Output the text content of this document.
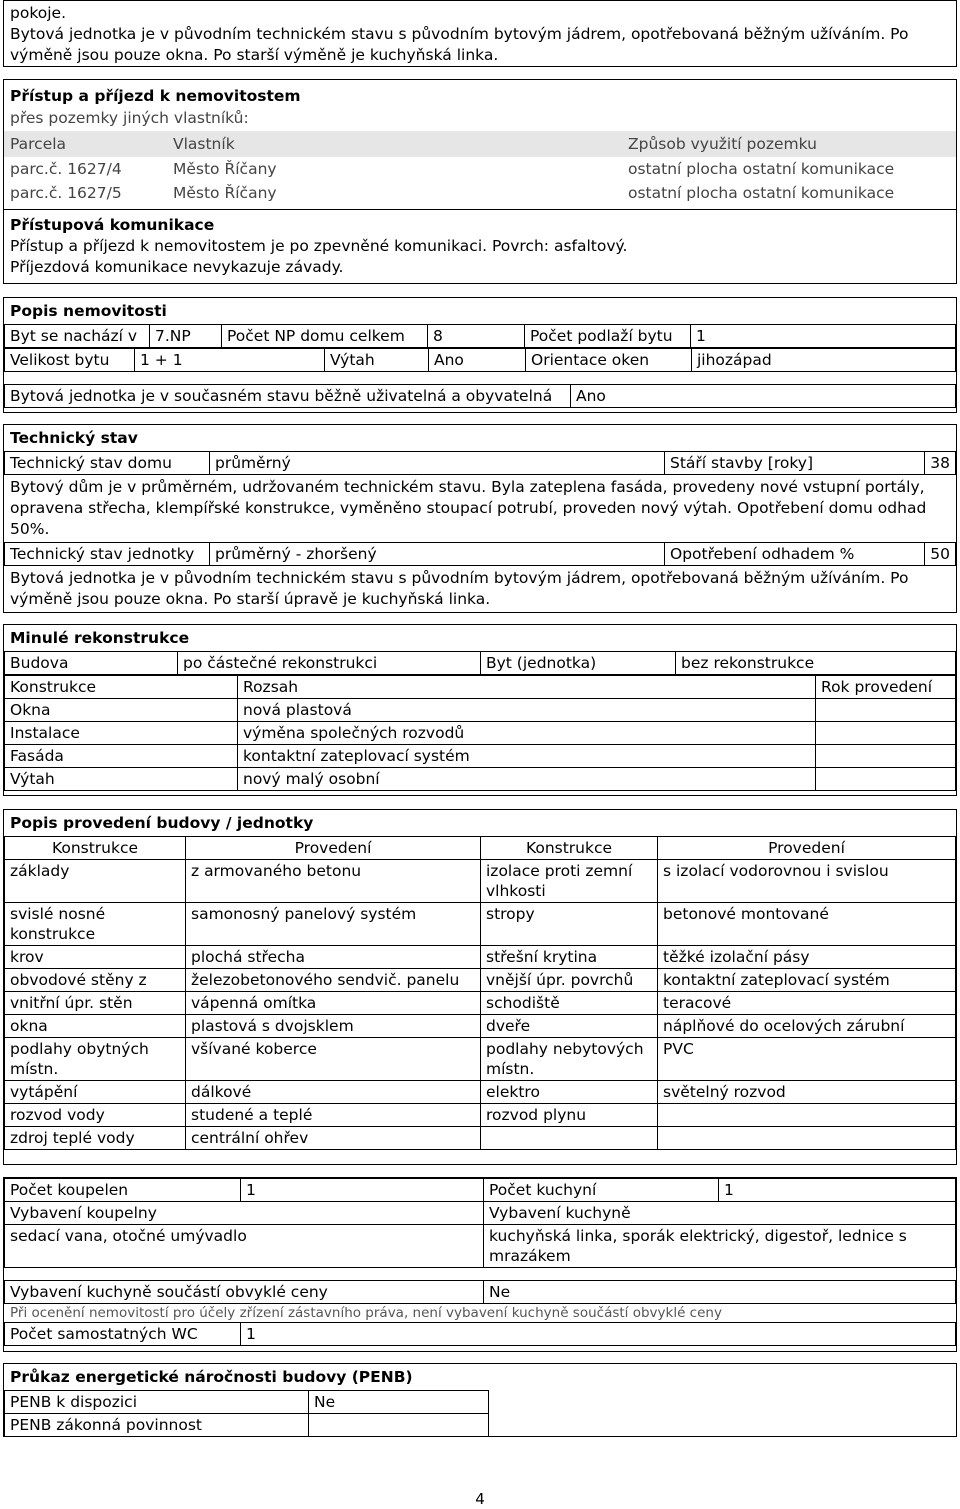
pokoje.
Bytová jednotka je v původním technickém stavu s původním bytovým jádrem, opotřebovaná běžným užíváním. Po výměně jsou pouze okna. Po starší výměně je kuchyňská linka.
Přístup a příjezd k nemovitostem
přes pozemky jiných vlastníků:
Parcela	Vlastník	Způsob využití pozemku
parc.č. 1627/4	Město Říčany	ostatní plocha ostatní komunikace
parc.č. 1627/5	Město Říčany	ostatní plocha ostatní komunikace
Přístupová komunikace
Přístup a příjezd k nemovitostem je po zpevněné komunikaci. Povrch: asfaltový. Příjezdová komunikace nevykazuje závady.
Popis nemovitosti
Byt se nachází v	7.NP	Počet NP domu celkem	8	Počet podlaží bytu	1
Velikost bytu	1 + 1	Výtah	Ano	Orientace oken	jihozápad
Bytová jednotka je v současném stavu běžně uživatelná a obyvatelná	Ano
Technický stav
Technický stav domu	průměrný	Stáří stavby [roky]	38
Bytový dům je v průměrném, udržovaném technickém stavu. Byla zateplena fasáda, provedeny nové vstupní portály, opravena střecha, klempířské konstrukce, vyměněno stoupací potrubí, proveden nový výtah. Opotřebení domu odhad 50%.
Technický stav jednotky	průměrný - zhoršený	Opotřebení odhadem %	50
Bytová jednotka je v původním technickém stavu s původním bytovým jádrem, opotřebovaná běžným užíváním. Po výměně jsou pouze okna. Po starší úpravě je kuchyňská linka.
Minulé rekonstrukce
Budova	po částečné rekonstrukci	Byt (jednotka)	bez rekonstrukce
Konstrukce	Rozsah	Rok provedení
Okna	nová plastová	
Instalace	výměna společných rozvodů	
Fasáda	kontaktní zateplovací systém	
Výtah	nový malý osobní	
Popis provedení budovy / jednotky
Konstrukce	Provedení	Konstrukce	Provedení
základy	z armovaného betonu	izolace proti zemní vlhkosti	s izolací vodorovnou i svislou
svislé nosné konstrukce	samonosný panelový systém	stropy	betonové montované
krov	plochá střecha	střešní krytina	těžké izolační pásy
obvodové stěny z	železobetonového sendvič. panelu	vnější úpr. povrchů	kontaktní zateplovací systém
vnitřní úpr. stěn	vápenná omítka	schodiště	teracové
okna	plastová s dvojsklem	dveře	náplňové do ocelových zárubní
podlahy obytných místn.	všívané koberce	podlahy nebytových místn.	PVC
vytápění	dálkové	elektro	světelný rozvod
rozvod vody	studené a teplé	rozvod plynu	
zdroj teplé vody	centrální ohřev		
Počet koupelen	1	Počet kuchyní	1
Vybavení koupelny		Vybavení kuchyně	
sedací vana, otočné umývadlo		kuchyňská linka, sporák elektrický, digestoř, lednice s mrazákem	
Vybavení kuchyně součástí obvyklé ceny	Ne
Při ocenění nemovitostí pro účely zřízení zástavního práva, není vybavení kuchyně součástí obvyklé ceny
Počet samostatných WC	1
Průkaz energetické náročnosti budovy (PENB)
PENB k dispozici	Ne	
PENB zákonná povinnost		
4
